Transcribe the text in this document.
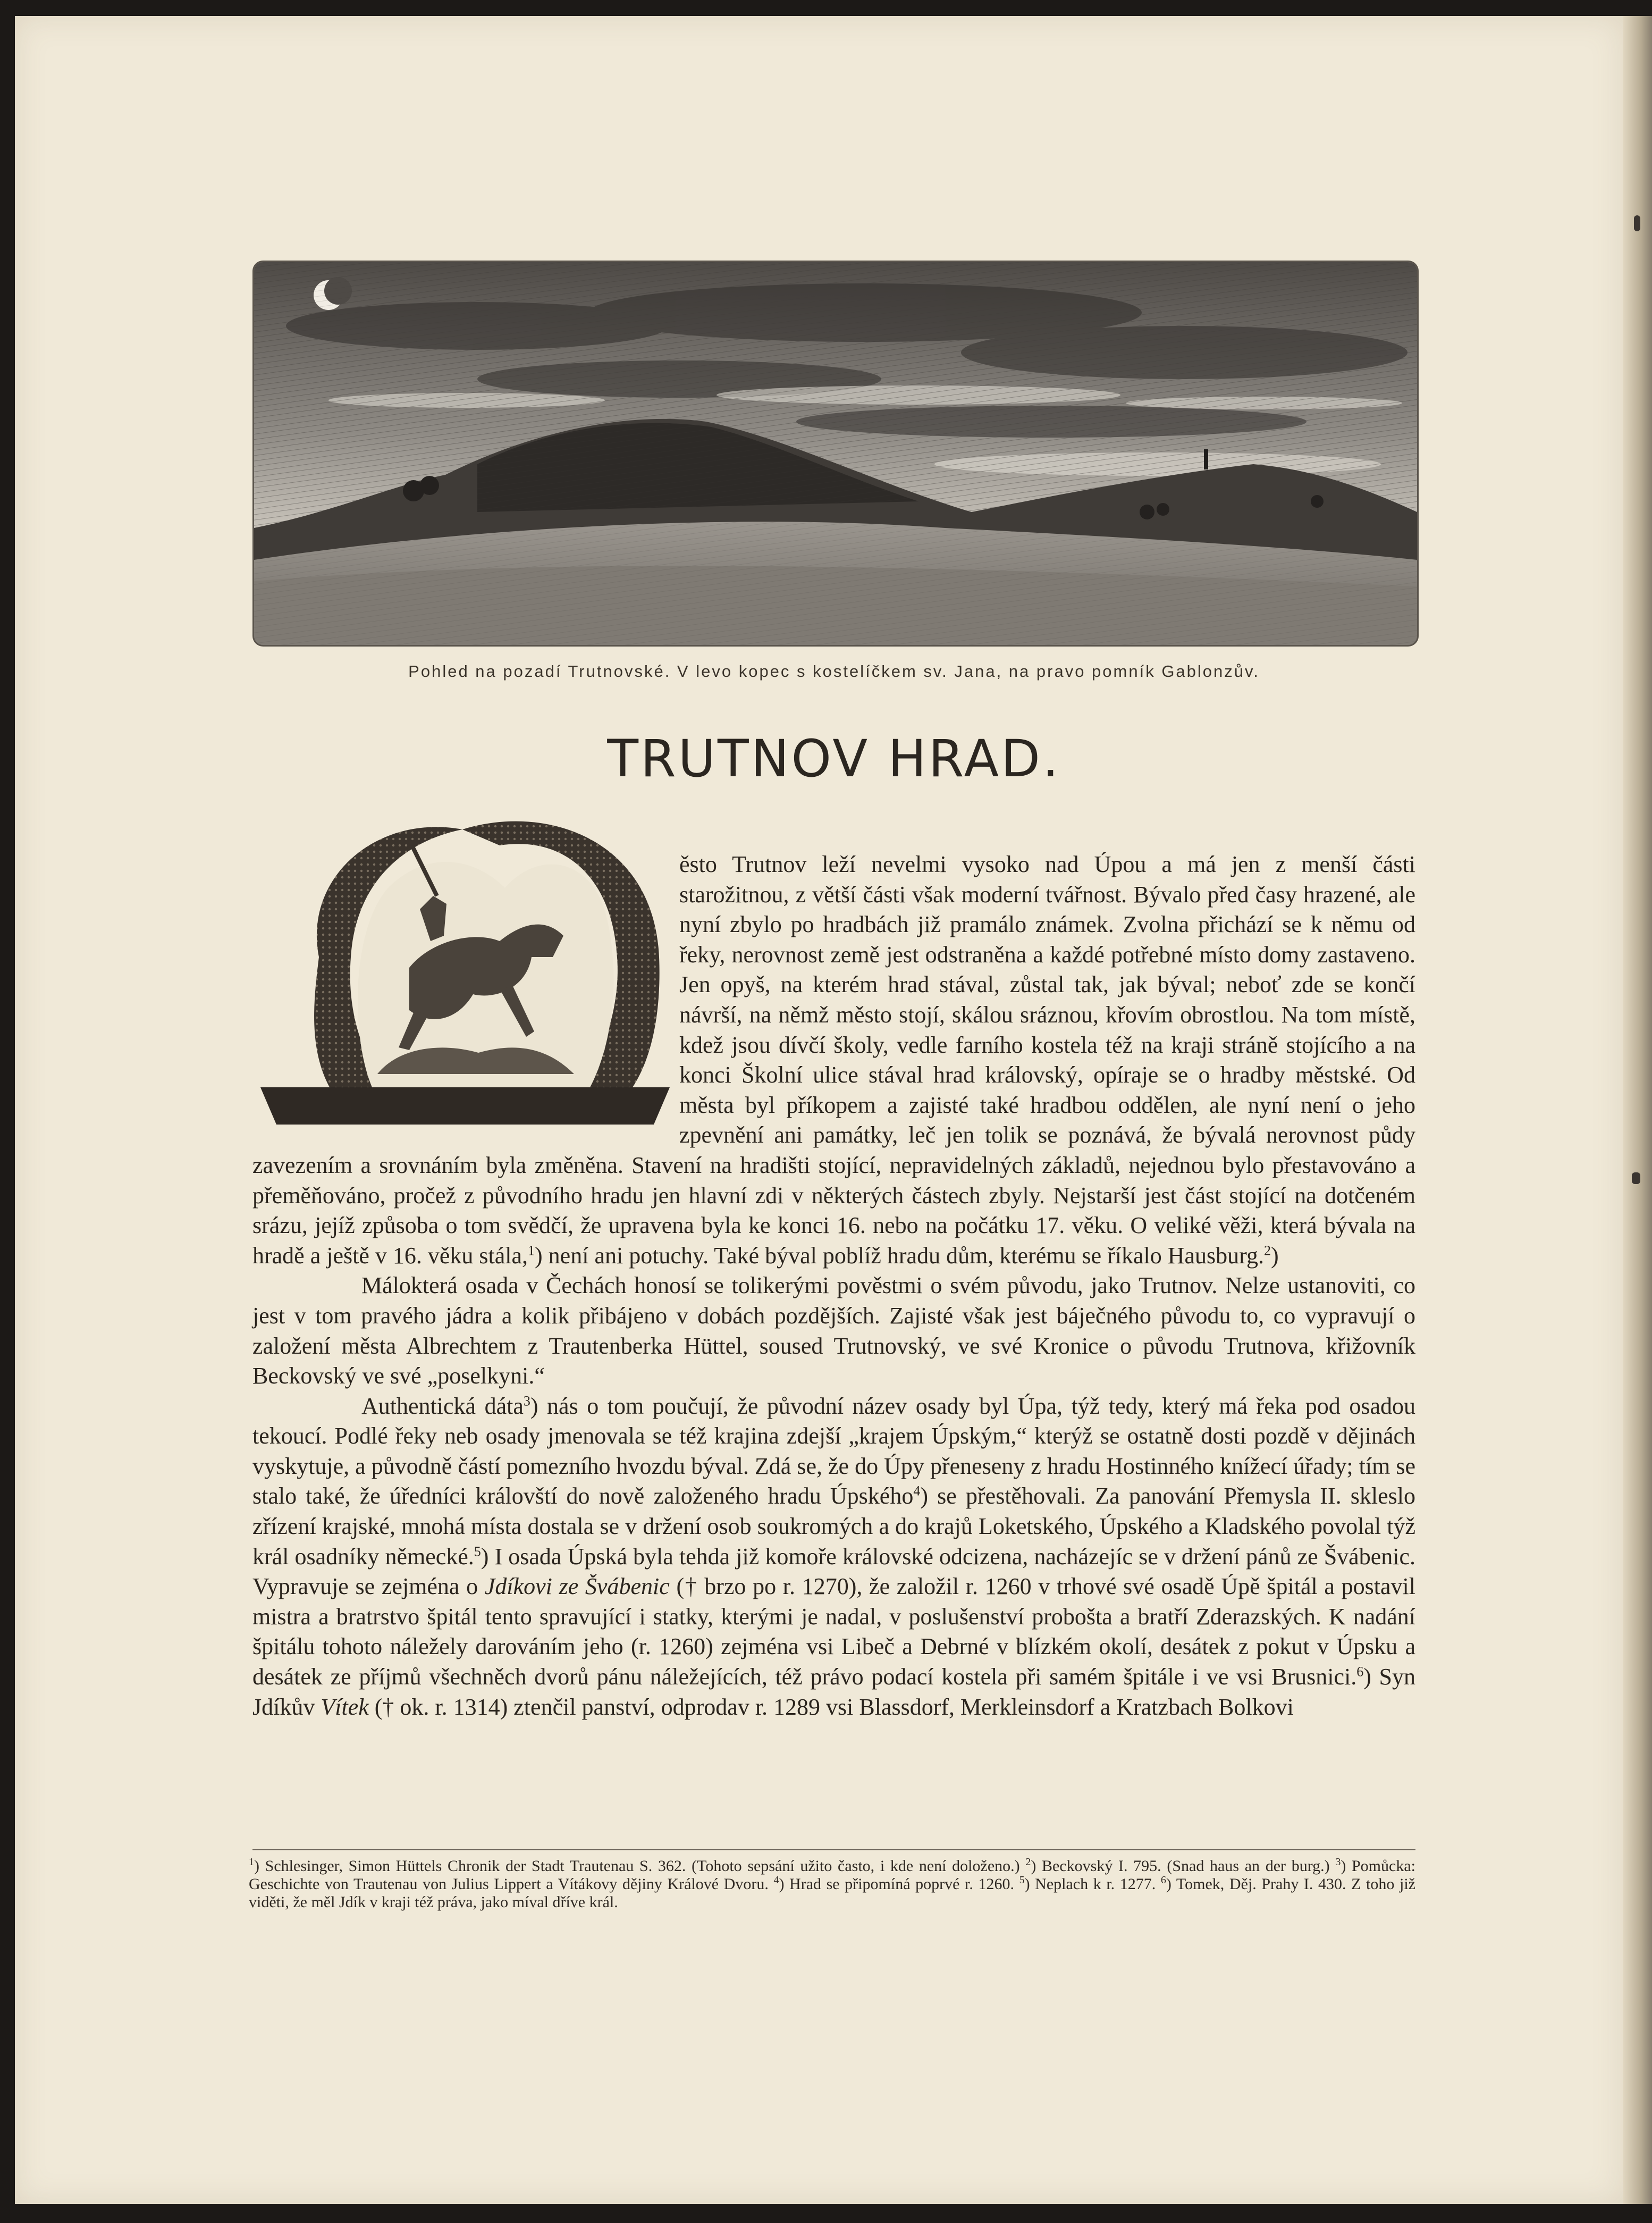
Pohled na pozadí Trutnovské. V levo kopec s kostelíčkem sv. Jana, na pravo pomník Gablonzův.
TRUTNOV HRAD.

ěsto Trutnov leží nevelmi vysoko nad Úpou a má jen z menší části starožitnou, z větší části však moderní tvářnost. Bývalo před časy hrazené, ale nyní zbylo po hradbách již pramálo známek. Zvolna přichází se k němu od řeky, nerovnost země jest odstraněna a každé potřebné místo domy zastaveno. Jen opyš, na kterém hrad stával, zůstal tak, jak býval; neboť zde se končí návrší, na němž město stojí, skálou sráznou, křovím obrostlou. Na tom místě, kdež jsou dívčí školy, vedle farního kostela též na kraji stráně stojícího a na konci Školní ulice stával hrad královský, opíraje se o hradby městské. Od města byl příkopem a zajisté také hradbou oddělen, ale nyní není o jeho zpevnění ani památky, leč jen tolik se poznává, že bývalá nerovnost půdy zavezením a srovnáním byla změněna. Stavení na hradišti stojící, nepravidelných základů, nejednou bylo přestavováno a přeměňováno, pročež z původního hradu jen hlavní zdi v některých částech zbyly. Nejstarší jest část stojící na dotčeném srázu, jejíž způsoba o tom svědčí, že upravena byla ke konci 16. nebo na počátku 17. věku. O veliké věži, která bývala na hradě a ještě v 16. věku stála,$^1$) není ani potuchy. Také býval poblíž hradu dům, kterému se říkalo Hausburg.$^2$)

Málokterá osada v Čechách honosí se tolikerými pověstmi o svém původu, jako Trutnov. Nelze ustanoviti, co jest v tom pravého jádra a kolik přibájeno v dobách pozdějších. Zajisté však jest báječného původu to, co vypravují o založení města Albrechtem z Trautenberka Hüttel, soused Trutnovský, ve své Kronice o původu Trutnova, křižovník Beckovský ve své „poselkyni.“

Authentická dáta$^3$) nás o tom poučují, že původní název osady byl Úpa, týž tedy, který má řeka pod osadou tekoucí. Podlé řeky neb osady jmenovala se též krajina zdejší „krajem Úpským,“ kterýž se ostatně dosti pozdě v dějinách vyskytuje, a původně částí pomezního hvozdu býval. Zdá se, že do Úpy přeneseny z hradu Hostinného knížecí úřady; tím se stalo také, že úředníci královští do nově založeného hradu Úpského$^4$) se přestěhovali. Za panování Přemysla II. skleslo zřízení krajské, mnohá místa dostala se v držení osob soukromých a do krajů Loketského, Úpského a Kladského povolal týž král osadníky německé.$^5$) I osada Úpská byla tehda již komoře královské odcizena, nacházejíc se v držení pánů ze Švábenic. Vypravuje se zejména o Jdíkovi ze Švábenic († brzo po r. 1270), že založil r. 1260 v trhové své osadě Úpě špitál a postavil mistra a bratrstvo špitál tento spravující i statky, kterými je nadal, v poslušenství probošta a bratří Zderazských. K nadání špitálu tohoto náležely darováním jeho (r. 1260) zejména vsi Libeč a Debrné v blízkém okolí, desátek z pokut v Úpsku a desátek ze příjmů všechněch dvorů pánu náležejících, též právo podací kostela při samém špitále i ve vsi Brusnici.$^6$) Syn Jdíkův Vítek († ok. r. 1314) ztenčil panství, odprodav r. 1289 vsi Blassdorf, Merkleinsdorf a Kratzbach Bolkovi

$^1$) Schlesinger, Simon Hüttels Chronik der Stadt Trautenau S. 362. (Tohoto sepsání užito často, i kde není doloženo.) $^2$) Beckovský I. 795. (Snad haus an der burg.) $^3$) Pomůcka: Geschichte von Trautenau von Julius Lippert a Vítákovy dějiny Králové Dvoru. $^4$) Hrad se připomíná poprvé r. 1260. $^5$) Neplach k r. 1277. $^6$) Tomek, Děj. Prahy I. 430. Z toho již viděti, že měl Jdík v kraji též práva, jako míval dříve král.
